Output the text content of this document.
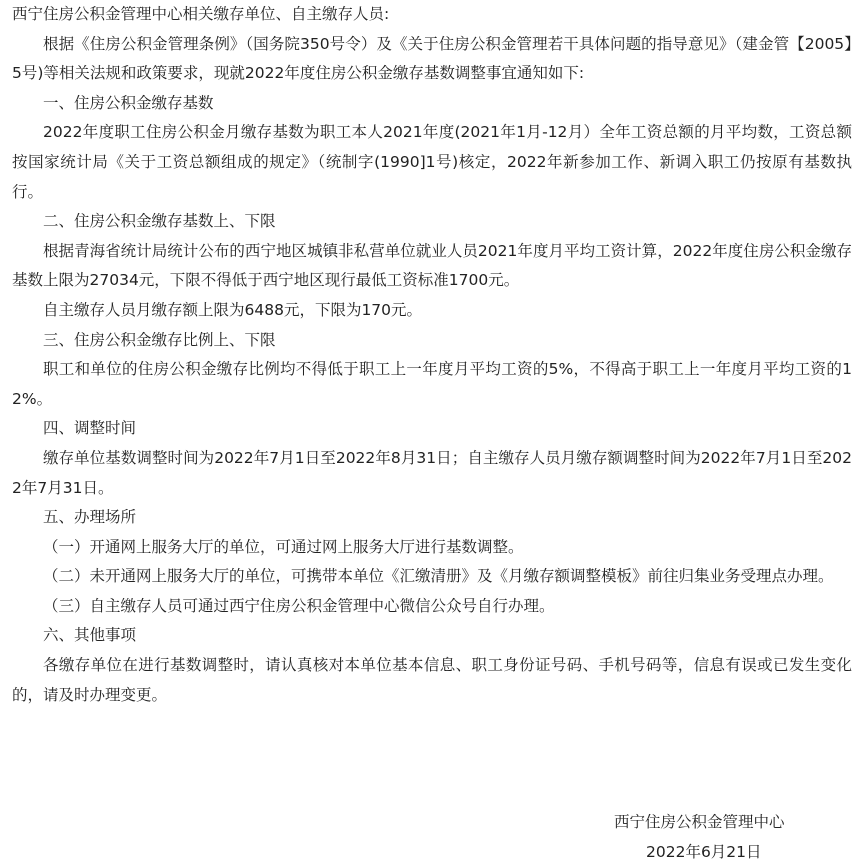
西宁住房公积金管理中心相关缴存单位、自主缴存人员:

根据《住房公积金管理条例》（国务院350号令）及《关于住房公积金管理若干具体问题的指导意见》（建金管【2005】5号)等相关法规和政策要求，现就2022年度住房公积金缴存基数调整事宜通知如下:

一、住房公积金缴存基数

2022年度职工住房公积金月缴存基数为职工本人2021年度(2021年1月-12月）全年工资总额的月平均数，工资总额按国家统计局《关于工资总额组成的规定》（统制字(1990]1号)核定，2022年新参加工作、新调入职工仍按原有基数执行。

二、住房公积金缴存基数上、下限

根据青海省统计局统计公布的西宁地区城镇非私营单位就业人员2021年度月平均工资计算，2022年度住房公积金缴存基数上限为27034元，下限不得低于西宁地区现行最低工资标准1700元。

自主缴存人员月缴存额上限为6488元，下限为170元。

三、住房公积金缴存比例上、下限

职工和单位的住房公积金缴存比例均不得低于职工上一年度月平均工资的5%，不得高于职工上一年度月平均工资的12%。

四、调整时间

缴存单位基数调整时间为2022年7月1日至2022年8月31日；自主缴存人员月缴存额调整时间为2022年7月1日至2022年7月31日。

五、办理场所

（一）开通网上服务大厅的单位，可通过网上服务大厅进行基数调整。

（二）未开通网上服务大厅的单位，可携带本单位《汇缴清册》及《月缴存额调整模板》前往归集业务受理点办理。

（三）自主缴存人员可通过西宁住房公积金管理中心微信公众号自行办理。

六、其他事项

各缴存单位在进行基数调整时，请认真核对本单位基本信息、职工身份证号码、手机号码等，信息有误或已发生变化的，请及时办理变更。

西宁住房公积金管理中心
2022年6月21日
